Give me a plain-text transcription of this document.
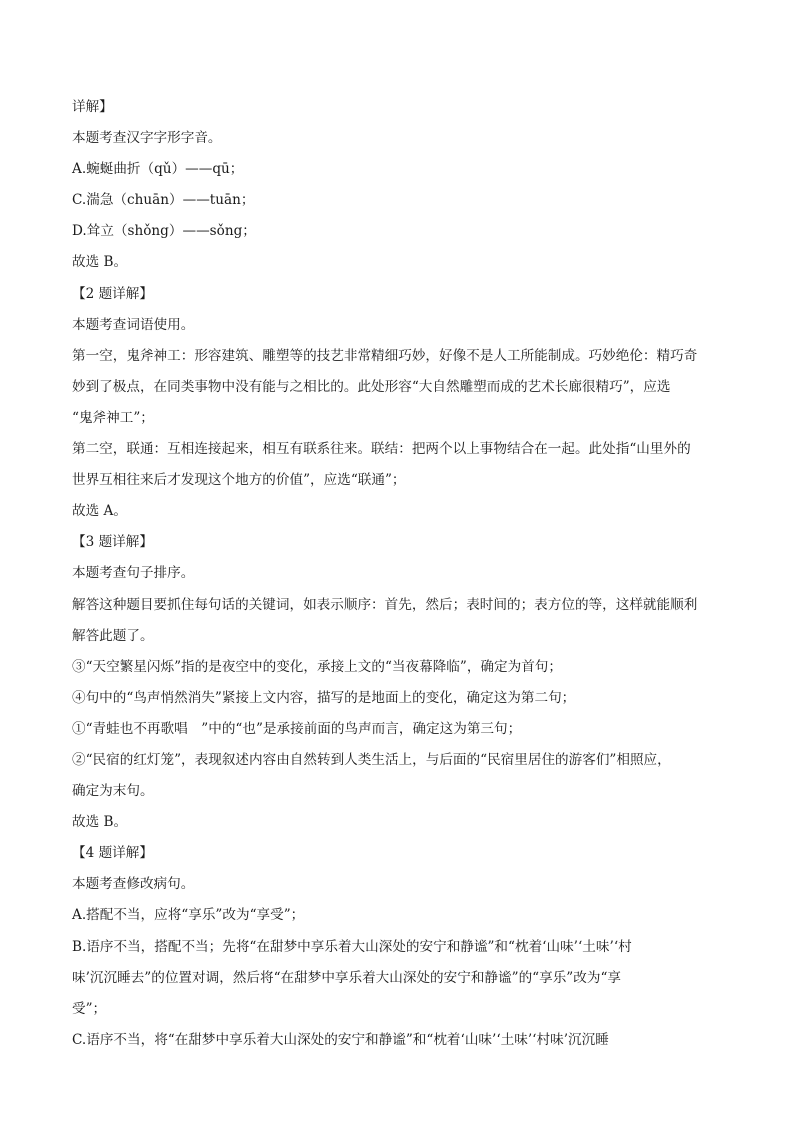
详解】
本题考查汉字字形字音。
A.蜿蜒曲折（qǔ）——qū；
C.湍急（chuān）——tuān；
D.耸立（shǒng）——sǒng；
故选 B。
【2 题详解】
本题考查词语使用。
第一空，鬼斧神工：形容建筑、雕塑等的技艺非常精细巧妙，好像不是人工所能制成。巧妙绝伦：精巧奇
妙到了极点，在同类事物中没有能与之相比的。此处形容“大自然雕塑而成的艺术长廊很精巧”，应选
“鬼斧神工”；
第二空，联通：互相连接起来，相互有联系往来。联结：把两个以上事物结合在一起。此处指“山里外的
世界互相往来后才发现这个地方的价值”，应选“联通”；
故选 A。
【3 题详解】
本题考查句子排序。
解答这种题目要抓住每句话的关键词，如表示顺序：首先，然后；表时间的；表方位的等，这样就能顺利
解答此题了。
③“天空繁星闪烁”指的是夜空中的变化，承接上文的“当夜幕降临”，确定为首句；
④句中的“鸟声悄然消失”紧接上文内容，描写的是地面上的变化，确定这为第二句；
①“青蛙也不再歌唱　”中的“也”是承接前面的鸟声而言，确定这为第三句；
②“民宿的红灯笼”，表现叙述内容由自然转到人类生活上，与后面的“民宿里居住的游客们”相照应，
确定为末句。
故选 B。
【4 题详解】
本题考查修改病句。
A.搭配不当，应将“享乐”改为“享受”；
B.语序不当，搭配不当；先将“在甜梦中享乐着大山深处的安宁和静谧”和“枕着‘山味’‘土味’‘村
味’沉沉睡去”的位置对调，然后将“在甜梦中享乐着大山深处的安宁和静谧”的“享乐”改为“享
受”；
C.语序不当，将“在甜梦中享乐着大山深处的安宁和静谧”和“枕着‘山味’‘土味’‘村味’沉沉睡
